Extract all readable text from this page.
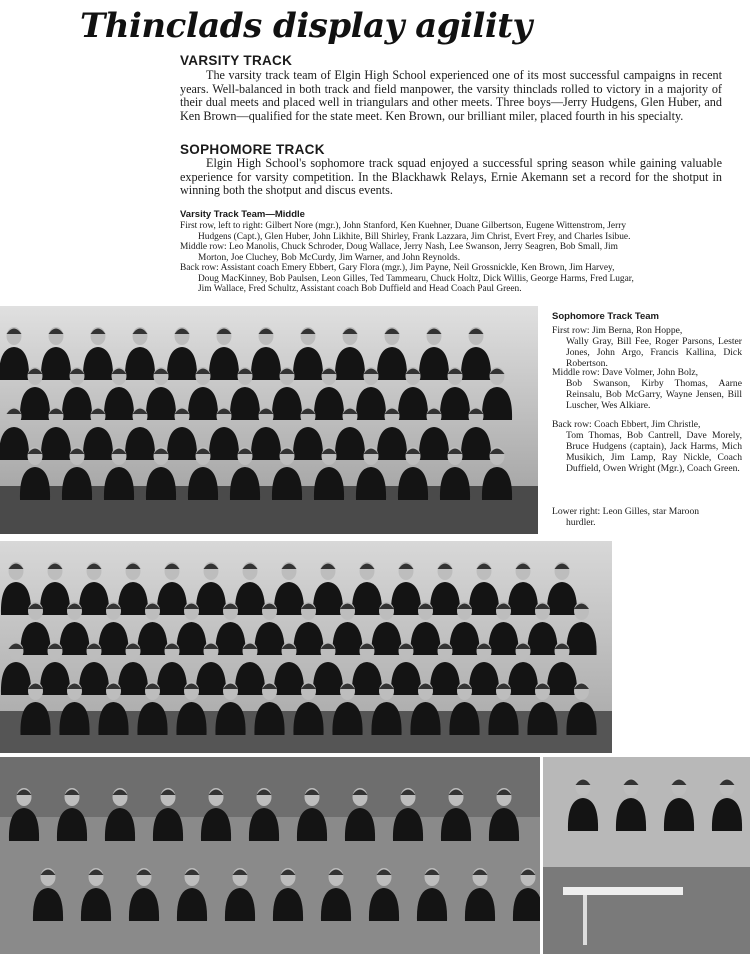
Thinclads display agility
VARSITY TRACK

The varsity track team of Elgin High School experienced one of its most successful campaigns in recent years. Well-balanced in both track and field manpower, the varsity thinclads rolled to victory in a majority of their dual meets and placed well in triangulars and other meets. Three boys—Jerry Hudgens, Glen Huber, and Ken Brown—qualified for the state meet. Ken Brown, our brilliant miler, placed fourth in his specialty.

SOPHOMORE TRACK

Elgin High School's sophomore track squad enjoyed a successful spring season while gaining valuable experience for varsity competition. In the Blackhawk Relays, Ernie Akemann set a record for the shotput in winning both the shotput and discus events.

Varsity Track Team—Middle

First row, left to right: Gilbert Nore (mgr.), John Stanford, Ken Kuehner, Duane Gilbertson, Eugene Wittenstrom, Jerry
Hudgens (Capt.), Glen Huber, John Likhite, Bill Shirley, Frank Lazzara, Jim Christ, Evert Frey, and Charles Isibue.

Middle row: Leo Manolis, Chuck Schroder, Doug Wallace, Jerry Nash, Lee Swanson, Jerry Seagren, Bob Small, Jim
Morton, Joe Cluchey, Bob McCurdy, Jim Warner, and John Reynolds.

Back row: Assistant coach Emery Ebbert, Gary Flora (mgr.), Jim Payne, Neil Grossnickle, Ken Brown, Jim Harvey,
Doug MacKinney, Bob Paulsen, Leon Gilles, Ted Tammearu, Chuck Holtz, Dick Willis, George Harms, Fred Lugar,
Jim Wallace, Fred Schultz, Assistant coach Bob Duffield and Head Coach Paul Green.

Sophomore Track Team

First row: Jim Berna, Ron Hoppe,
Wally Gray, Bill Fee, Roger Parsons, Lester Jones, John Argo, Francis Kallina, Dick Robertson.

Middle row: Dave Volmer, John Bolz,
Bob Swanson, Kirby Thomas, Aarne Reinsalu, Bob McGarry, Wayne Jensen, Bill Luscher, Wes Alkiare.

Back row: Coach Ebbert, Jim Christle,
Tom Thomas, Bob Cantrell, Dave Morely, Bruce Hudgens (captain), Jack Harms, Mich Musikich, Jim Lamp, Ray Nickle, Coach Duffield, Owen Wright (Mgr.), Coach Green.

Lower right: Leon Gilles, star Maroon
hurdler.
